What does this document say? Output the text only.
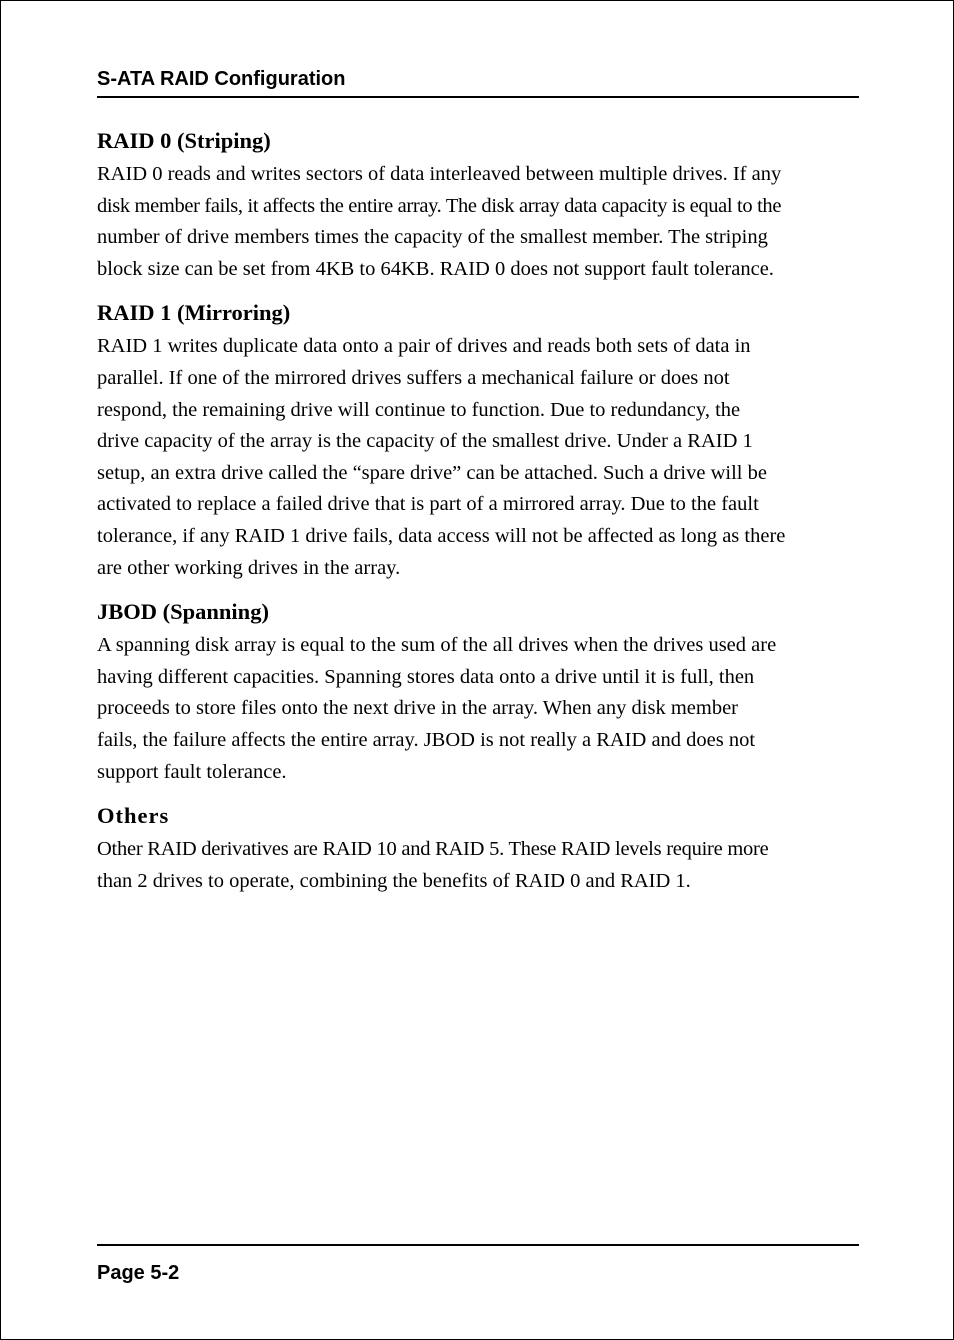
S-ATA RAID Configuration
RAID 0 (Striping)
RAID 0 reads and writes sectors of data interleaved between multiple drives. If any
disk member fails, it affects the entire array. The disk array data capacity is equal to the
number of drive members times the capacity of the smallest member. The striping
block size can be set from 4KB to 64KB. RAID 0 does not support fault tolerance.
RAID 1 (Mirroring)
RAID 1 writes duplicate data onto a pair of drives and reads both sets of data in
parallel. If one of the mirrored drives suffers a mechanical failure or does not
respond, the remaining drive will continue to function. Due to redundancy, the
drive capacity of the array is the capacity of the smallest drive. Under a RAID 1
setup, an extra drive called the “spare drive” can be attached. Such a drive will be
activated to replace a failed drive that is part of a mirrored array. Due to the fault
tolerance, if any RAID 1 drive fails, data access will not be affected as long as there
are other working drives in the array.
JBOD (Spanning)
A spanning disk array is equal to the sum of the all drives when the drives used are
having different capacities. Spanning stores data onto a drive until it is full, then
proceeds to store files onto the next drive in the array. When any disk member
fails, the failure affects the entire array. JBOD is not really a RAID and does not
support fault tolerance.
Others
Other RAID derivatives are RAID 10 and RAID 5. These RAID levels require more
than 2 drives to operate, combining the benefits of RAID 0 and RAID 1.
Page 5-2
